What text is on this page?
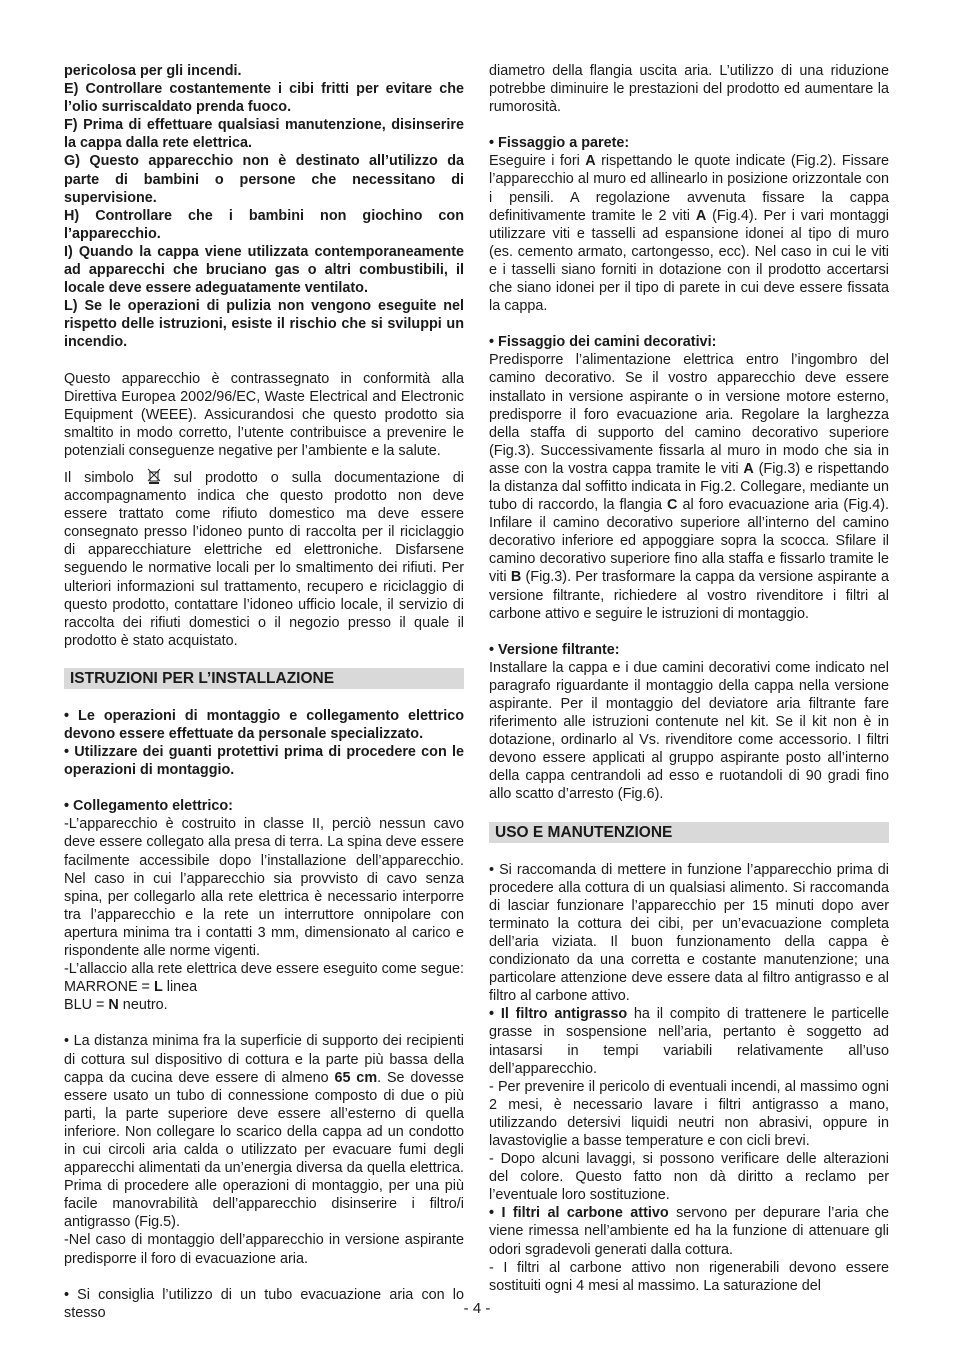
pericolosa per gli incendi.

E) Controllare costantemente i cibi fritti per evitare che l’olio surriscaldato prenda fuoco.

F) Prima di effettuare qualsiasi manutenzione, disinserire la cappa dalla rete elettrica.

G) Questo apparecchio non è destinato all’utilizzo da parte di bambini o persone che necessitano di supervisione.

H) Controllare che i bambini non giochino con l’apparecchio.

I) Quando la cappa viene utilizzata contemporaneamente ad apparecchi che bruciano gas o altri combustibili, il locale deve essere adeguatamente ventilato.

L) Se le operazioni di pulizia non vengono eseguite nel rispetto delle istruzioni, esiste il rischio che si sviluppi un incendio.

Questo apparecchio è contrassegnato in conformità alla Direttiva Europea 2002/96/EC, Waste Electrical and Electronic Equipment (WEEE). Assicurandosi che questo prodotto sia smaltito in modo corretto, l’utente contribuisce a prevenire le potenziali conseguenze negative per l’ambiente e la salute.

Il simbolo	sul prodotto o sulla documentazione di accompagnamento indica che questo prodotto non deve essere trattato come rifiuto domestico ma deve essere consegnato presso l’idoneo punto di raccolta per il riciclaggio di apparecchiature elettriche ed elettroniche. Disfarsene seguendo le normative locali per lo smaltimento dei rifiuti. Per ulteriori informazioni sul trattamento, recupero e riciclaggio di questo prodotto, contattare l’idoneo ufficio locale, il servizio di raccolta dei rifiuti domestici o il negozio presso il quale il prodotto è stato acquistato.

ISTRUZIONI PER L’INSTALLAZIONE

• Le operazioni di montaggio e collegamento elettrico devono essere effettuate da personale specializzato.

• Utilizzare dei guanti protettivi prima di procedere con le operazioni di montaggio.

• Collegamento elettrico:

-L’apparecchio è costruito in classe II, perciò nessun cavo deve essere collegato alla presa di terra. La spina deve essere facilmente accessibile dopo l’installazione dell’apparecchio. Nel caso in cui l’apparecchio sia provvisto di cavo senza spina, per collegarlo alla rete elettrica è necessario interporre tra l’apparecchio e la rete un interruttore onnipolare con apertura minima tra i contatti 3 mm, dimensionato al carico e rispondente alle norme vigenti.

-L’allaccio alla rete elettrica deve essere eseguito come segue:

MARRONE = L linea

BLU = N neutro.

• La distanza minima fra la superficie di supporto dei recipienti di cottura sul dispositivo di cottura e la parte più bassa della cappa da cucina deve essere di almeno 65 cm. Se dovesse essere usato un tubo di connessione composto di due o più parti, la parte superiore deve essere all’esterno di quella inferiore. Non collegare lo scarico della cappa ad un condotto in cui circoli aria calda o utilizzato per evacuare fumi degli apparecchi alimentati da un’energia diversa da quella elettrica. Prima di procedere alle operazioni di montaggio, per una più facile manovrabilità dell’apparecchio disinserire i filtro/i antigrasso (Fig.5).

-Nel caso di montaggio dell’apparecchio in versione aspirante predisporre il foro di evacuazione aria.

• Si consiglia l’utilizzo di un tubo evacuazione aria con lo stesso

diametro della flangia uscita aria. L’utilizzo di una riduzione potrebbe diminuire le prestazioni del prodotto ed aumentare la rumorosità.

• Fissaggio a parete:

Eseguire i fori A rispettando le quote indicate (Fig.2). Fissare l’apparecchio al muro ed allinearlo in posizione orizzontale con i pensili. A regolazione avvenuta fissare la cappa definitivamente tramite le 2 viti A (Fig.4). Per i vari montaggi utilizzare viti e tasselli ad espansione idonei al tipo di muro (es. cemento armato, cartongesso, ecc). Nel caso in cui le viti e i tasselli siano forniti in dotazione con il prodotto accertarsi che siano idonei per il tipo di parete in cui deve essere fissata la cappa.

• Fissaggio dei camini decorativi:

Predisporre l’alimentazione elettrica entro l’ingombro del camino decorativo. Se il vostro apparecchio deve essere installato in versione aspirante o in versione motore esterno, predisporre il foro evacuazione aria. Regolare la larghezza della staffa di supporto del camino decorativo superiore (Fig.3). Successivamente fissarla al muro in modo che sia in asse con la vostra cappa tramite le viti A (Fig.3) e rispettando la distanza dal soffitto indicata in Fig.2. Collegare, mediante un tubo di raccordo, la flangia C al foro evacuazione aria (Fig.4). Infilare il camino decorativo superiore all’interno del camino decorativo inferiore ed appoggiare sopra la scocca. Sfilare il camino decorativo superiore fino alla staffa e fissarlo tramite le viti B (Fig.3). Per trasformare la cappa da versione aspirante a versione filtrante, richiedere al vostro rivenditore i filtri al carbone attivo e seguire le istruzioni di montaggio.

• Versione filtrante:

Installare la cappa e i due camini decorativi come indicato nel paragrafo riguardante il montaggio della cappa nella versione aspirante. Per il montaggio del deviatore aria filtrante fare riferimento alle istruzioni contenute nel kit. Se il kit non è in dotazione, ordinarlo al Vs. rivenditore come accessorio. I filtri devono essere applicati al gruppo aspirante posto all’interno della cappa centrandoli ad esso e ruotandoli di 90 gradi fino allo scatto d’arresto (Fig.6).

USO E MANUTENZIONE

• Si raccomanda di mettere in funzione l’apparecchio prima di procedere alla cottura di un qualsiasi alimento. Si raccomanda di lasciar funzionare l’apparecchio per 15 minuti dopo aver terminato la cottura dei cibi, per un’evacuazione completa dell’aria viziata. Il buon funzionamento della cappa è condizionato da una corretta e costante manutenzione; una particolare attenzione deve essere data al filtro antigrasso e al filtro al carbone attivo.

• Il filtro antigrasso ha il compito di trattenere le particelle grasse in sospensione nell’aria, pertanto è soggetto ad intasarsi in tempi variabili relativamente all’uso dell’apparecchio.

- Per prevenire il pericolo di eventuali incendi, al massimo ogni 2 mesi, è necessario lavare i filtri antigrasso a mano, utilizzando detersivi liquidi neutri non abrasivi, oppure in lavastoviglie a basse temperature e con cicli brevi.

- Dopo alcuni lavaggi, si possono verificare delle alterazioni del colore. Questo fatto non dà diritto a reclamo per l’eventuale loro sostituzione.

• I filtri al carbone attivo servono per depurare l’aria che viene rimessa nell’ambiente ed ha la funzione di attenuare gli odori sgradevoli generati dalla cottura.

- I filtri al carbone attivo non rigenerabili devono essere sostituiti ogni 4 mesi al massimo. La saturazione del

- 4 -
